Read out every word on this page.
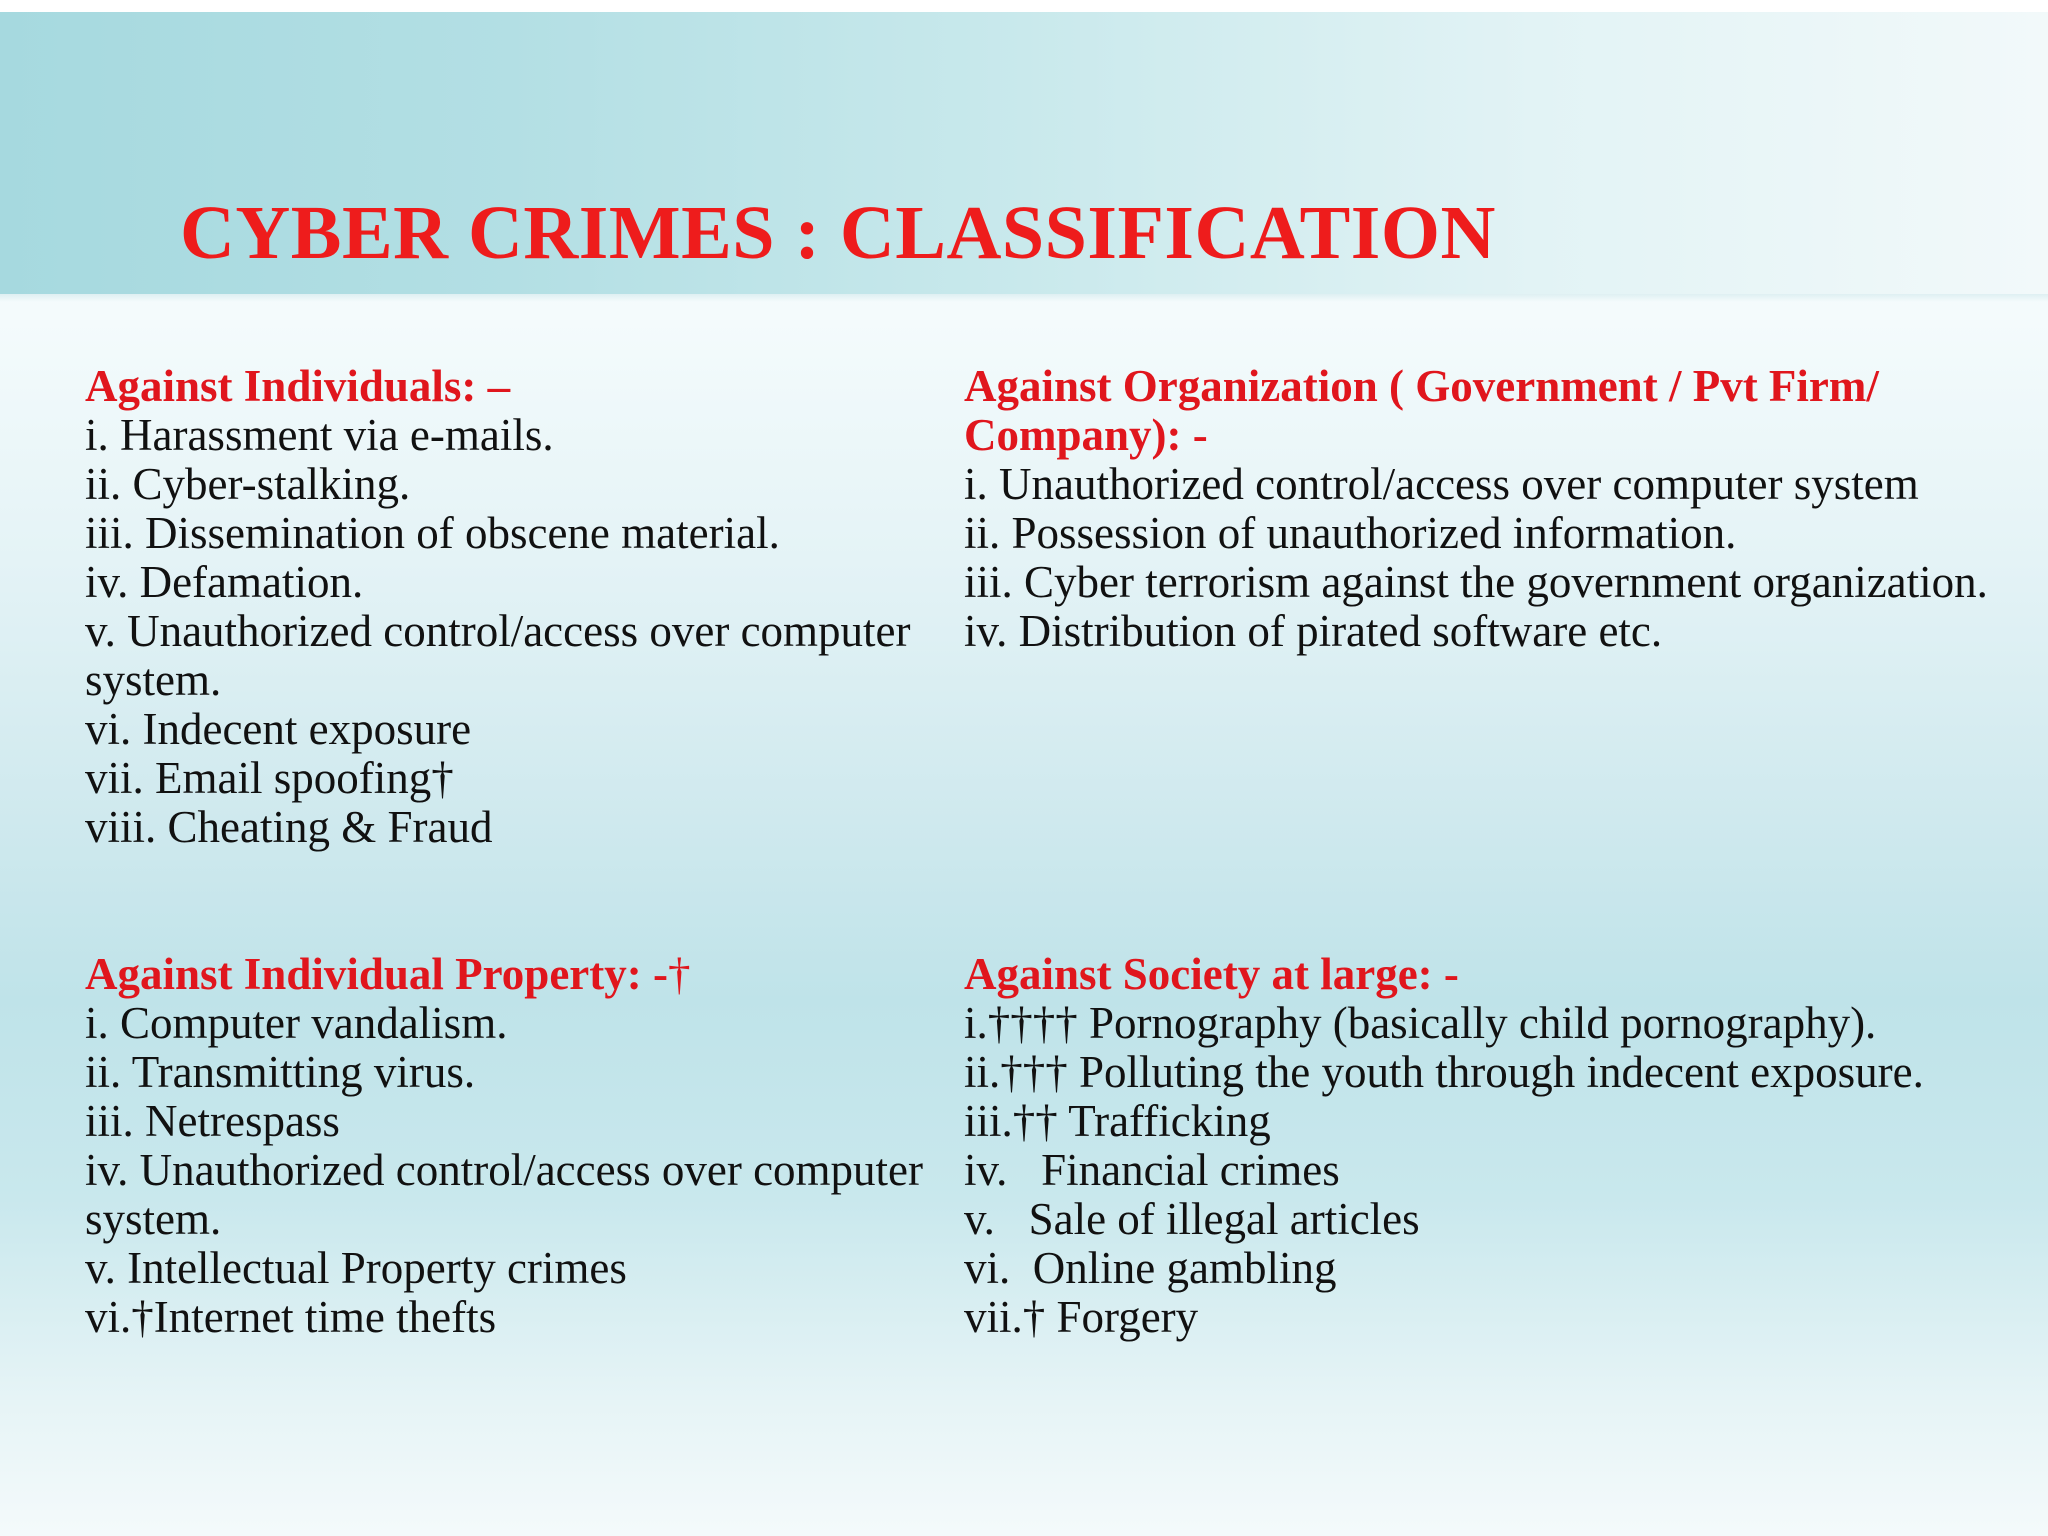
CYBER CRIMES : CLASSIFICATION
Against Individuals: –
i. Harassment via e-mails.
ii. Cyber-stalking.
iii. Dissemination of obscene material.
iv. Defamation.
v. Unauthorized control/access over computer system.
vi. Indecent exposure
vii. Email spoofing†
viii. Cheating & Fraud
Against Organization ( Government / Pvt Firm/ Company): -
i. Unauthorized control/access over computer system
ii. Possession of unauthorized information.
iii. Cyber terrorism against the government organization.
iv. Distribution of pirated software etc.
Against Individual Property: -†
i. Computer vandalism.
ii. Transmitting virus.
iii. Netrespass
iv. Unauthorized control/access over computer system.
v. Intellectual Property crimes
vi.†Internet time thefts
Against Society at large: -
i.†††† Pornography (basically child pornography).
ii.††† Polluting the youth through indecent exposure.
iii.†† Trafficking
iv.   Financial crimes
v.   Sale of illegal articles
vi.  Online gambling
vii.† Forgery
